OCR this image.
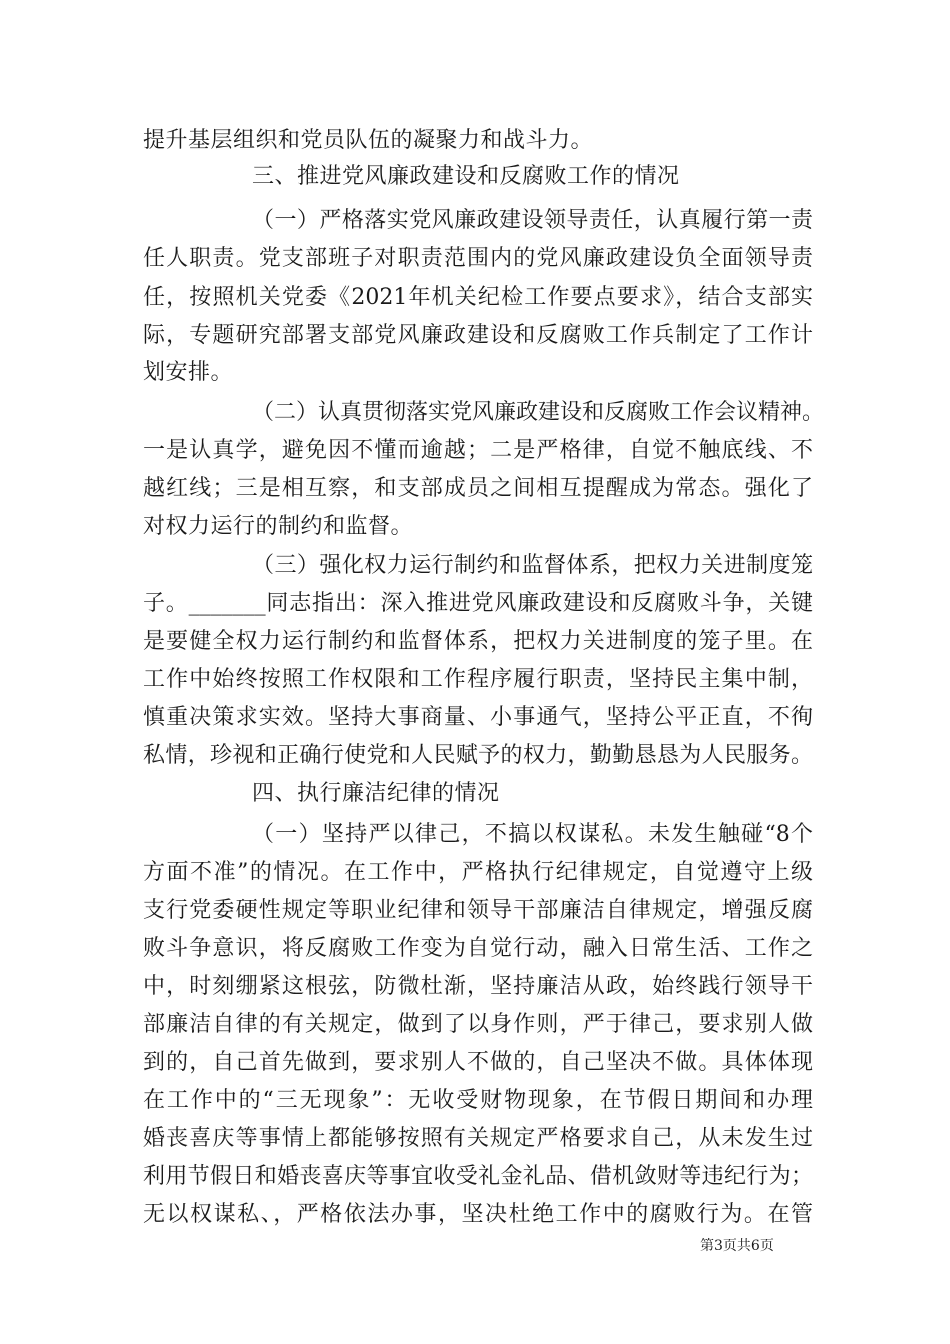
提升基层组织和党员队伍的凝聚力和战斗力。
三、推进党风廉政建设和反腐败工作的情况
（一）严格落实党风廉政建设领导责任，认真履行第一责
任人职责。党支部班子对职责范围内的党风廉政建设负全面领导责
任，按照机关党委《2021年机关纪检工作要点要求》，结合支部实
际，专题研究部署支部党风廉政建设和反腐败工作兵制定了工作计
划安排。
（二）认真贯彻落实党风廉政建设和反腐败工作会议精神。
一是认真学，避免因不懂而逾越；二是严格律，自觉不触底线、不
越红线；三是相互察，和支部成员之间相互提醒成为常态。强化了
对权力运行的制约和监督。
（三）强化权力运行制约和监督体系，把权力关进制度笼
子。_______同志指出：深入推进党风廉政建设和反腐败斗争，关键
是要健全权力运行制约和监督体系，把权力关进制度的笼子里。在
工作中始终按照工作权限和工作程序履行职责，坚持民主集中制，
慎重决策求实效。坚持大事商量、小事通气，坚持公平正直，不徇
私情，珍视和正确行使党和人民赋予的权力，勤勤恳恳为人民服务。
四、执行廉洁纪律的情况
（一）坚持严以律己，不搞以权谋私。未发生触碰“8个
方面不准”的情况。在工作中，严格执行纪律规定，自觉遵守上级
支行党委硬性规定等职业纪律和领导干部廉洁自律规定，增强反腐
败斗争意识，将反腐败工作变为自觉行动，融入日常生活、工作之
中，时刻绷紧这根弦，防微杜渐，坚持廉洁从政，始终践行领导干
部廉洁自律的有关规定，做到了以身作则，严于律己，要求别人做
到的，自己首先做到，要求别人不做的，自己坚决不做。具体体现
在工作中的“三无现象”：无收受财物现象，在节假日期间和办理
婚丧喜庆等事情上都能够按照有关规定严格要求自己，从未发生过
利用节假日和婚丧喜庆等事宜收受礼金礼品、借机敛财等违纪行为；
无以权谋私、，严格依法办事，坚决杜绝工作中的腐败行为。在管
第3页共6页
